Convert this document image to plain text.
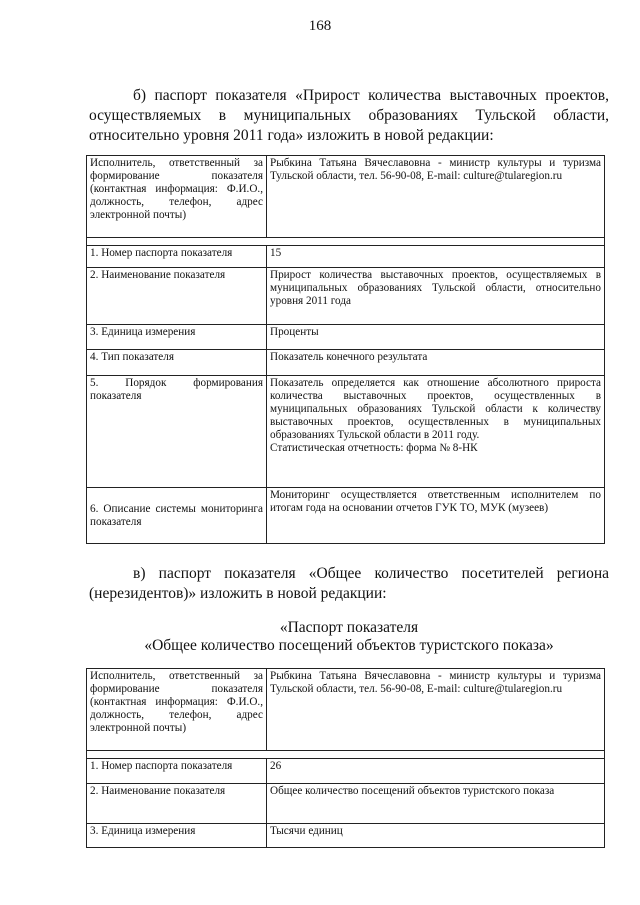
168
б) паспорт показателя «Прирост количества выставочных проектов, осуществляемых в муниципальных образованиях Тульской области, относительно уровня 2011 года» изложить в новой редакции:
Исполнитель, ответственный за формирование показателя (контактная информация: Ф.И.О., должность, телефон, адрес электронной почты)	Рыбкина Татьяна Вячеславовна - министр культуры и туризма Тульской области, тел. 56-90-08, E-mail: culture@tularegion.ru

1. Номер паспорта показателя	15
2. Наименование показателя	Прирост количества выставочных проектов, осуществляемых в муниципальных образованиях Тульской области, относительно уровня 2011 года
3. Единица измерения	Проценты
4. Тип показателя	Показатель конечного результата
5. Порядок формирования показателя	Показатель определяется как отношение абсолютного прироста количества выставочных проектов, осуществленных в муниципальных образованиях Тульской области к количеству выставочных проектов, осуществленных в муниципальных образованиях Тульской области в 2011 году.
Статистическая отчетность: форма № 8-НК
6. Описание системы мониторинга показателя	Мониторинг осуществляется ответственным исполнителем по итогам года на основании отчетов ГУК ТО, МУК (музеев)
в) паспорт показателя «Общее количество посетителей региона (нерезидентов)» изложить в новой редакции:
«Паспорт показателя
«Общее количество посещений объектов туристского показа»
Исполнитель, ответственный за формирование показателя (контактная информация: Ф.И.О., должность, телефон, адрес электронной почты)	Рыбкина Татьяна Вячеславовна - министр культуры и туризма Тульской области, тел. 56-90-08, E-mail: culture@tularegion.ru

1. Номер паспорта показателя	26
2. Наименование показателя	Общее количество посещений объектов туристского показа
3. Единица измерения	Тысячи единиц
